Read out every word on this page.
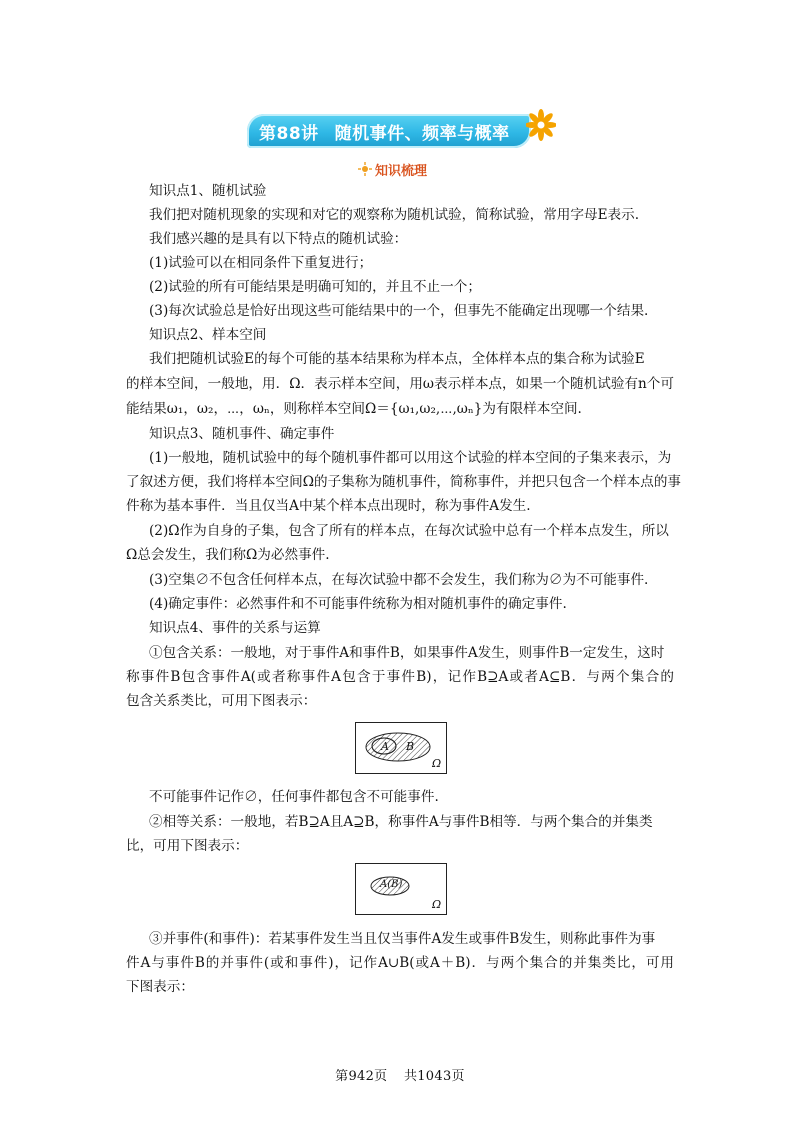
第88讲 随机事件、频率与概率
知识梳理
知识点1、随机试验
我们把对随机现象的实现和对它的观察称为随机试验，简称试验，常用字母E表示.
我们感兴趣的是具有以下特点的随机试验：
(1)试验可以在相同条件下重复进行；
(2)试验的所有可能结果是明确可知的，并且不止一个；
(3)每次试验总是恰好出现这些可能结果中的一个，但事先不能确定出现哪一个结果.
知识点2、样本空间
我们把随机试验E的每个可能的基本结果称为样本点，全体样本点的集合称为试验E
的样本空间，一般地，用．Ω．表示样本空间，用ω表示样本点，如果一个随机试验有n个可
能结果ω₁，ω₂，⋯，ωₙ，则称样本空间Ω＝{ω₁,ω₂,⋯,ωₙ}为有限样本空间.
知识点3、随机事件、确定事件
(1)一般地，随机试验中的每个随机事件都可以用这个试验的样本空间的子集来表示，为
了叙述方便，我们将样本空间Ω的子集称为随机事件，简称事件，并把只包含一个样本点的事
件称为基本事件．当且仅当A中某个样本点出现时，称为事件A发生.
(2)Ω作为自身的子集，包含了所有的样本点，在每次试验中总有一个样本点发生，所以
Ω总会发生，我们称Ω为必然事件.
(3)空集∅不包含任何样本点，在每次试验中都不会发生，我们称为∅为不可能事件.
(4)确定事件：必然事件和不可能事件统称为相对随机事件的确定事件.
知识点4、事件的关系与运算
①包含关系：一般地，对于事件A和事件B，如果事件A发生，则事件B一定发生，这时
称事件B包含事件A(或者称事件A包含于事件B)，记作B⊇A或者A⊆B．与两个集合的
包含关系类比，可用下图表示：
A B
Ω
不可能事件记作∅，任何事件都包含不可能事件.
②相等关系：一般地，若B⊇A且A⊇B，称事件A与事件B相等．与两个集合的并集类
比，可用下图表示：
A(B)
Ω
③并事件(和事件)：若某事件发生当且仅当事件A发生或事件B发生，则称此事件为事
件A与事件B的并事件(或和事件)，记作A∪B(或A＋B)．与两个集合的并集类比，可用
下图表示：
第942页 共1043页
